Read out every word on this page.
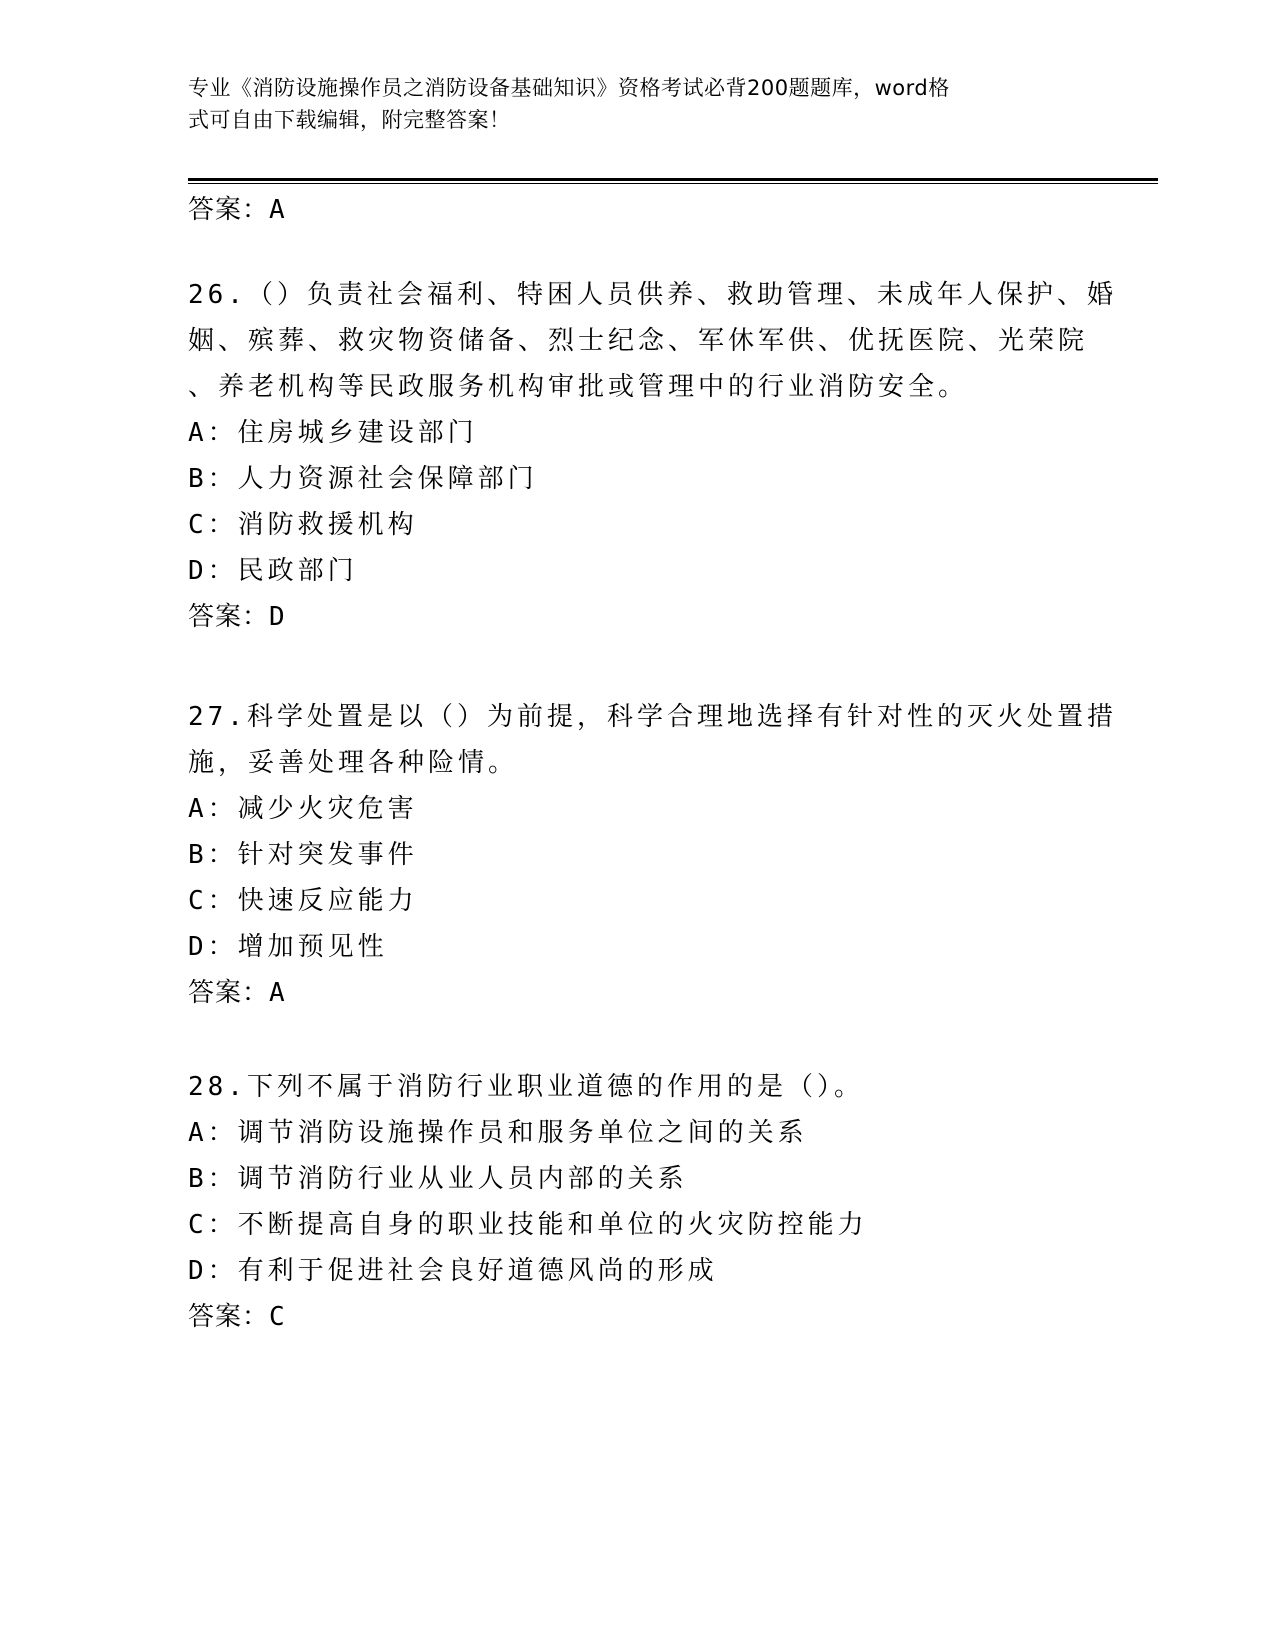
专业《消防设施操作员之消防设备基础知识》资格考试必背200题题库，word格
式可自由下载编辑，附完整答案！
答案：A
26.（）负责社会福利、特困人员供养、救助管理、未成年人保护、婚
姻、殡葬、救灾物资储备、烈士纪念、军休军供、优抚医院、光荣院
、养老机构等民政服务机构审批或管理中的行业消防安全。
A：住房城乡建设部门
B：人力资源社会保障部门
C：消防救援机构
D：民政部门
答案：D
27.科学处置是以（）为前提，科学合理地选择有针对性的灭火处置措
施，妥善处理各种险情。
A：减少火灾危害
B：针对突发事件
C：快速反应能力
D：增加预见性
答案：A
28.下列不属于消防行业职业道德的作用的是（）。
A：调节消防设施操作员和服务单位之间的关系
B：调节消防行业从业人员内部的关系
C：不断提高自身的职业技能和单位的火灾防控能力
D：有利于促进社会良好道德风尚的形成
答案：C
